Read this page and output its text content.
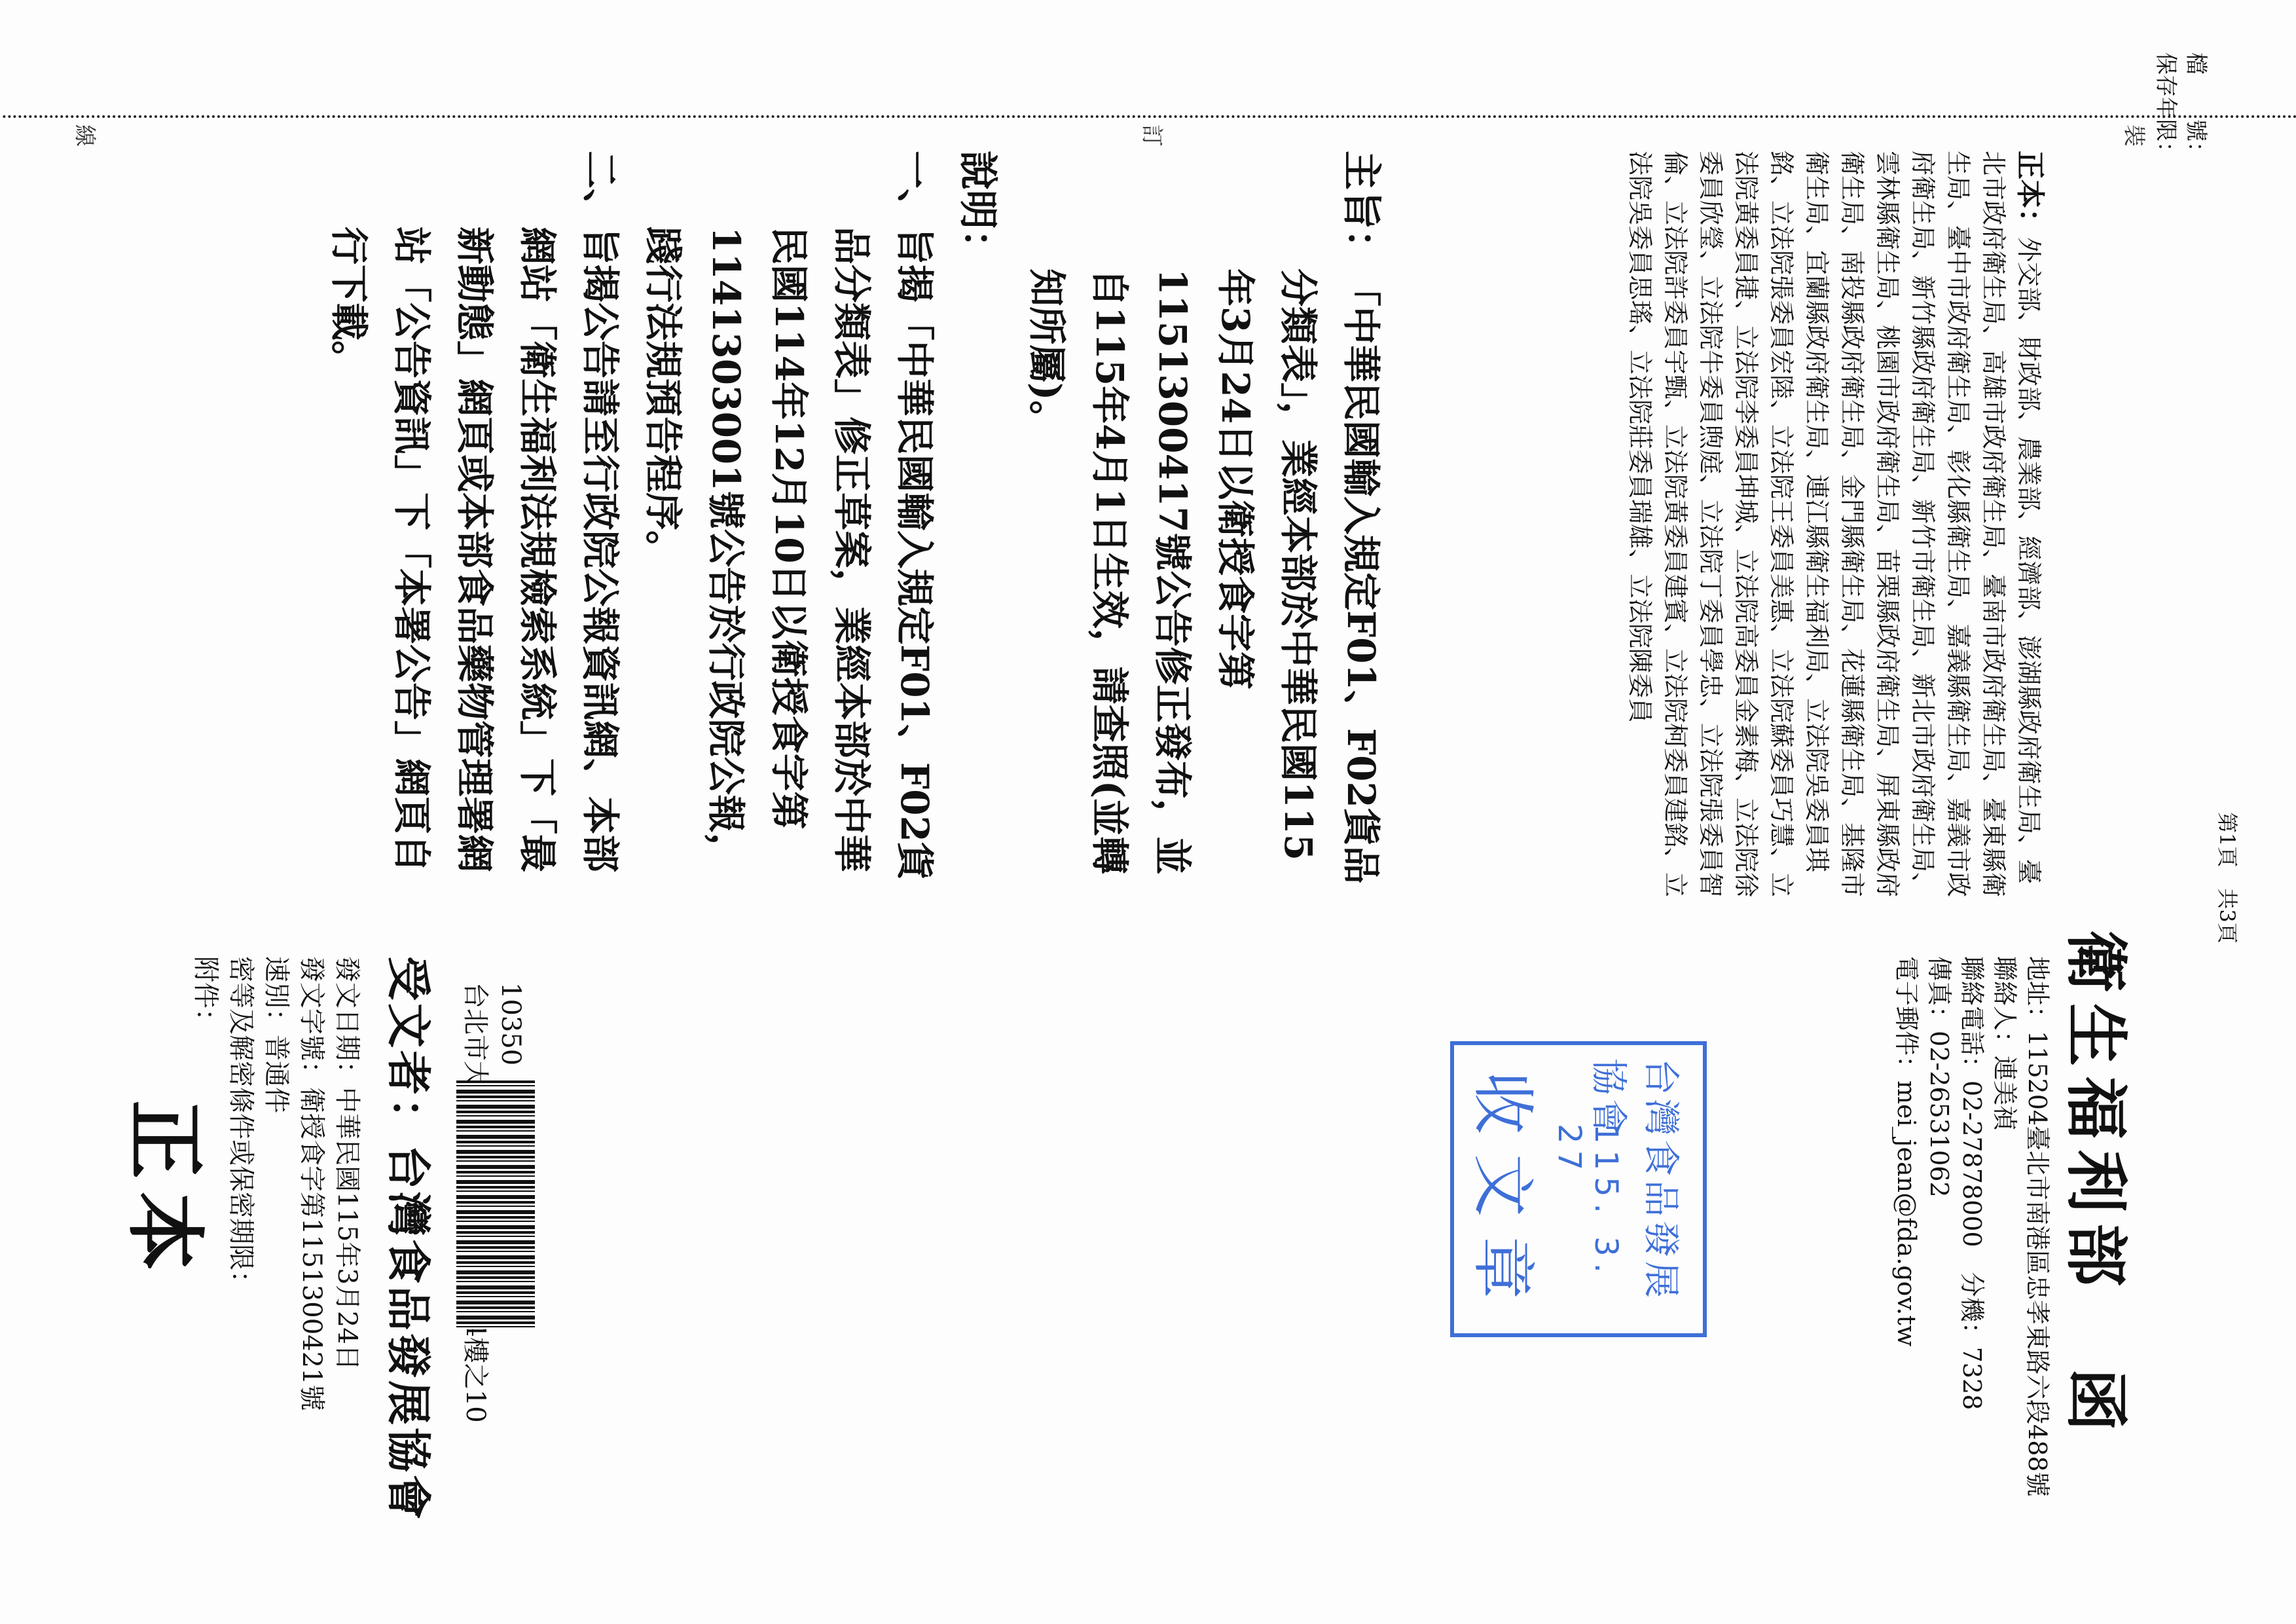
裝
訂
線	檔　　號：
保存年限：
正本	衛生福利部 函
地址：115204臺北市南港區忠孝東路六段488號
聯絡人：連美禎
聯絡電話：02-27878000　分機：7328
傳真：02-26531062
電子郵件：mei_jean@fda.gov.tw
台灣食品發展協會
115. 3. 27
收文章
10350
受文者：台灣食品發展協會
發文日期：中華民國115年3月24日
發文字號：衛授食字第1151300421號
速別：普通件
密等及解密條件或保密期限：
附件：
主旨：
「中華民國輸入規定F01、F02貨品分類表」，業經本部於中華民國115年3月24日以衛授食字第1151300417號公告修正發布，並自115年4月1日生效，請查照(並轉知所屬)。
說明：
一、
旨揭「中華民國輸入規定F01、F02貨品分類表」修正草案，業經本部於中華民國114年12月10日以衛授食字第1141303001號公告於行政院公報，踐行法規預告程序。
二、
旨揭公告請至行政院公報資訊網、本部網站「衛生福利法規檢索系統」下「最新動態」網頁或本部食品藥物管理署網站「公告資訊」下「本署公告」網頁自行下載。
正本：外交部、財政部、農業部、經濟部、澎湖縣政府衛生局、臺北市政府衛生局、高雄市政府衛生局、臺南市政府衛生局、臺東縣衛生局、臺中市政府衛生局、彰化縣衛生局、嘉義縣衛生局、嘉義市政府衛生局、新竹縣政府衛生局、新竹市衛生局、新北市政府衛生局、雲林縣衛生局、桃園市政府衛生局、苗栗縣政府衛生局、屏東縣政府衛生局、南投縣政府衛生局、金門縣衛生局、花蓮縣衛生局、基隆市衛生局、宜蘭縣政府衛生局、連江縣衛生福利局、立法院吳委員琪銘、立法院張委員宏陸、立法院王委員美惠、立法院蘇委員巧慧、立法院黃委員捷、立法院李委員坤城、立法院高委員金素梅、立法院徐委員欣瑩、立法院牛委員煦庭、立法院丁委員學忠、立法院張委員智倫、立法院許委員宇甄、立法院黃委員建賓、立法院柯委員建銘、立法院吳委員思瑤、立法院莊委員瑞雄、立法院陳委員
第1頁　共3頁
